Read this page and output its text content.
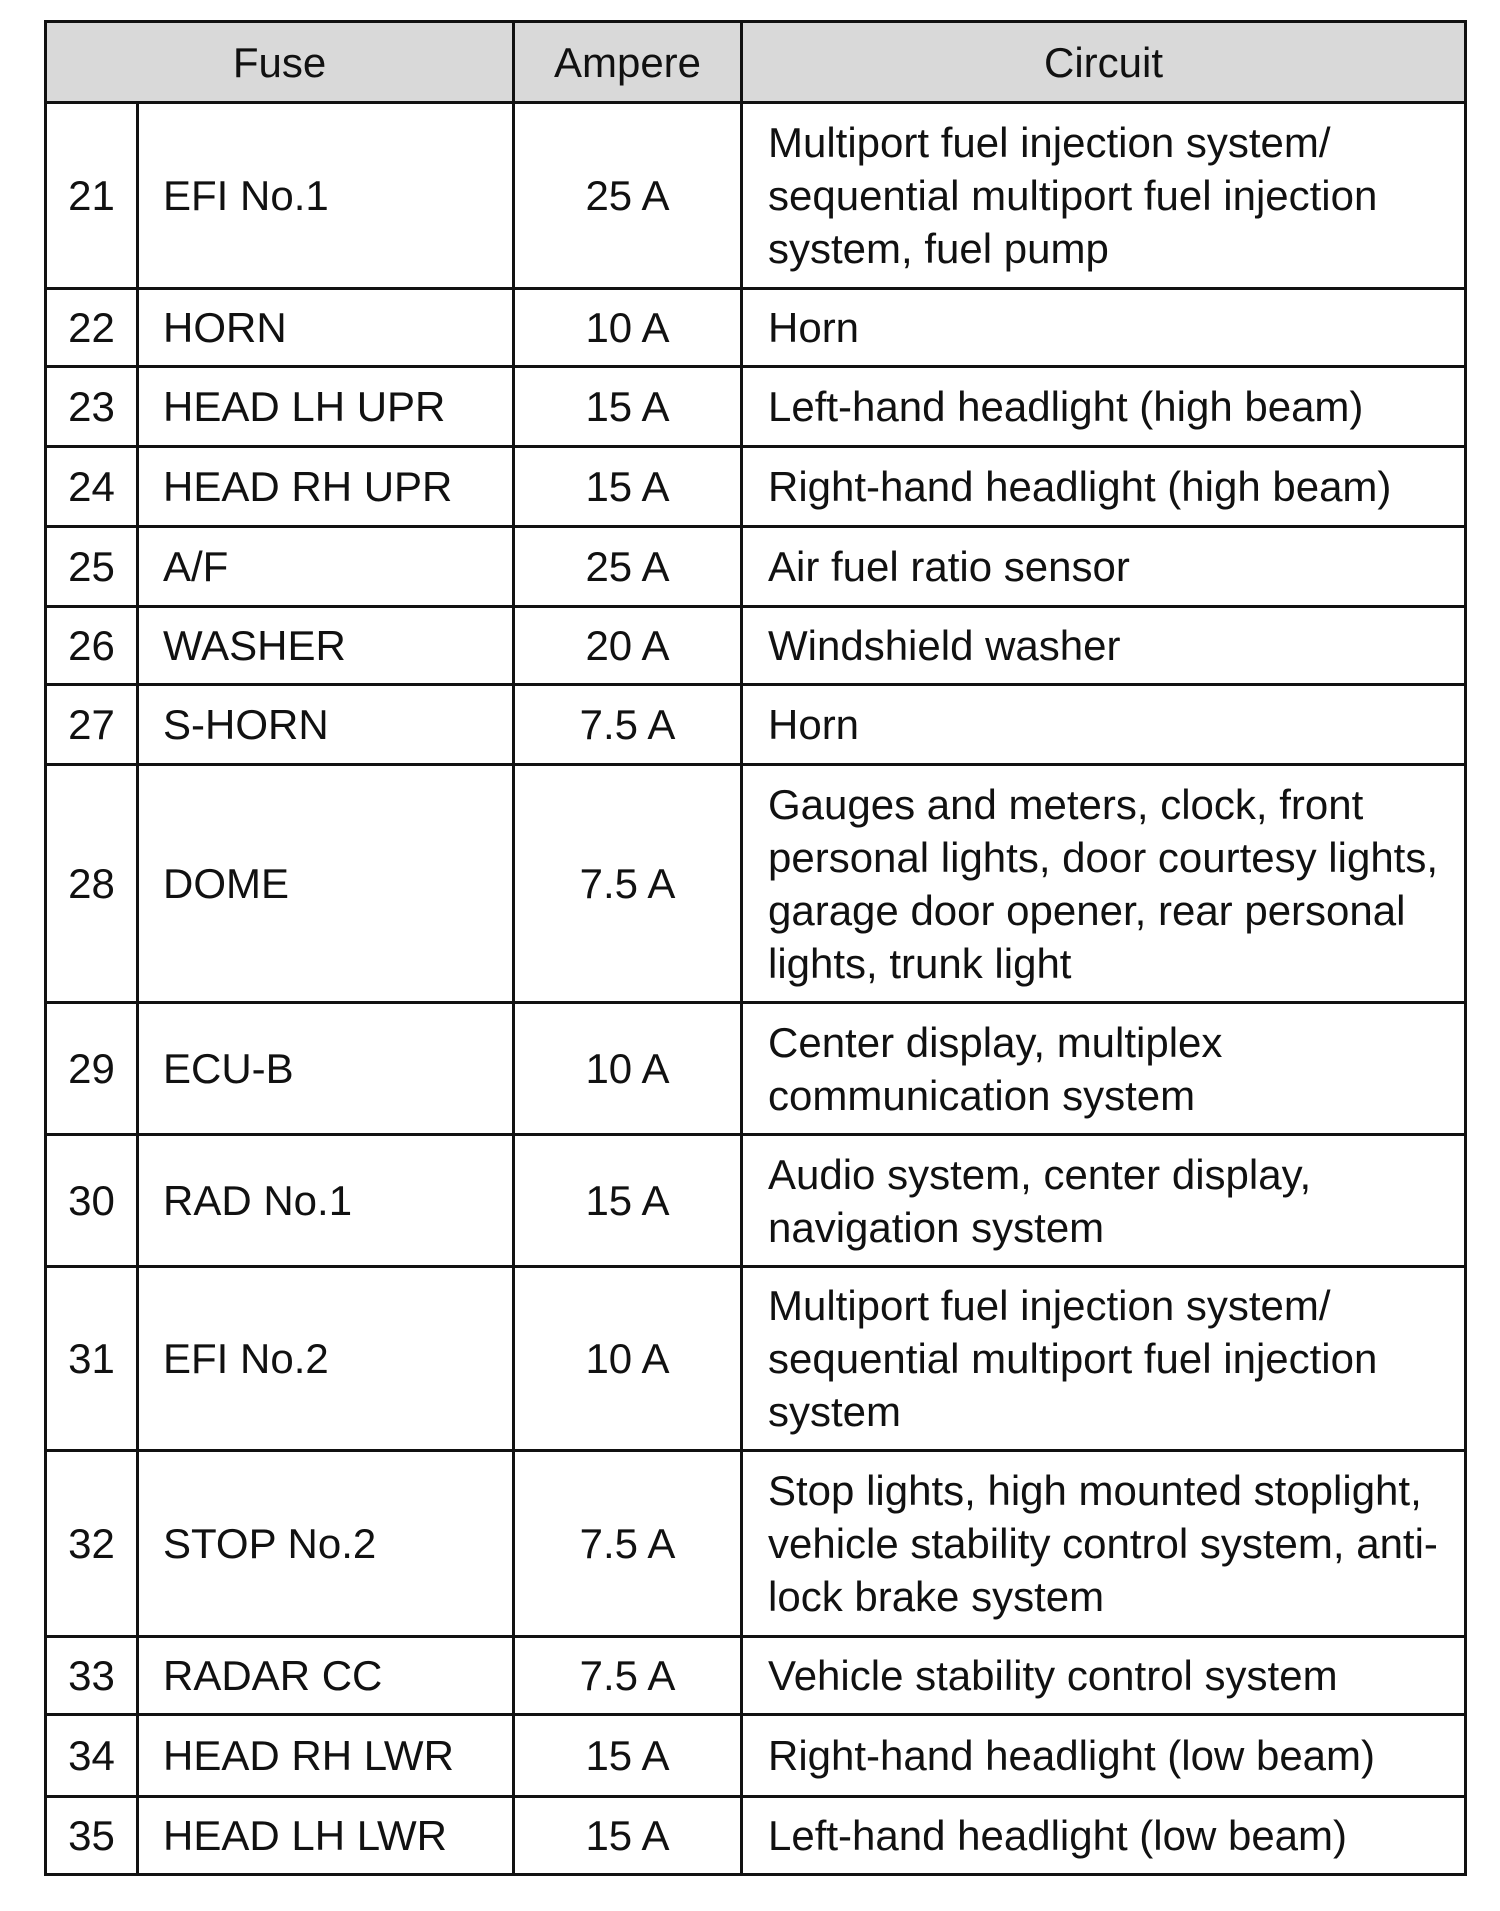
Fuse		Ampere	Circuit
21	EFI No.1	25 A	Multiport fuel injection system/ sequential multiport fuel injection system, fuel pump
22	HORN	10 A	Horn
23	HEAD LH UPR	15 A	Left-hand headlight (high beam)
24	HEAD RH UPR	15 A	Right-hand headlight (high beam)
25	A/F	25 A	Air fuel ratio sensor
26	WASHER	20 A	Windshield washer
27	S-HORN	7.5 A	Horn
28	DOME	7.5 A	Gauges and meters, clock, front personal lights, door courtesy lights, garage door opener, rear personal lights, trunk light
29	ECU-B	10 A	Center display, multiplex communication system
30	RAD No.1	15 A	Audio system, center display, navigation system
31	EFI No.2	10 A	Multiport fuel injection system/ sequential multiport fuel injection system
32	STOP No.2	7.5 A	Stop lights, high mounted stoplight, vehicle stability control system, anti-lock brake system
33	RADAR CC	7.5 A	Vehicle stability control system
34	HEAD RH LWR	15 A	Right-hand headlight (low beam)
35	HEAD LH LWR	15 A	Left-hand headlight (low beam)
